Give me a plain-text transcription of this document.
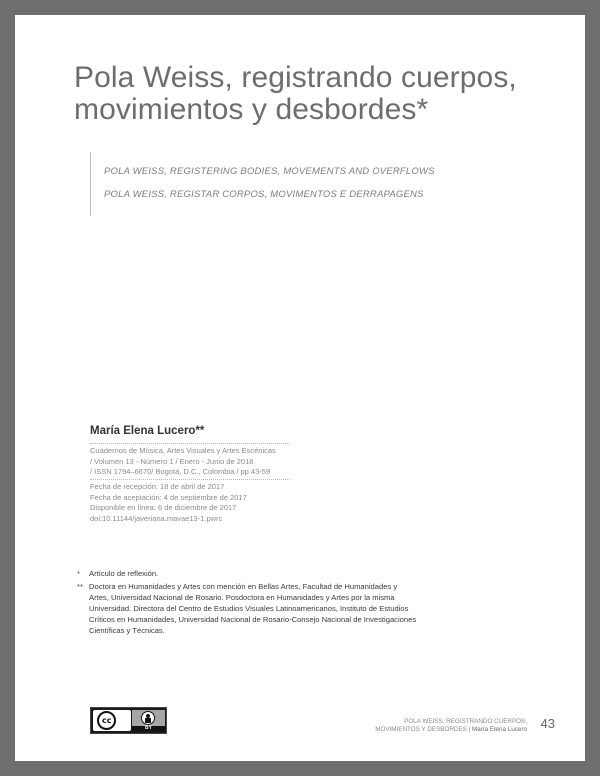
Pola Weiss, registrando cuerpos,
movimientos y desbordes*
POLA WEISS, REGISTERING BODIES, MOVEMENTS AND OVERFLOWS
POLA WEISS, REGISTAR CORPOS, MOVIMENTOS E DERRAPAGENS
María Elena Lucero**
Cuadernos de Música, Artes Visuales y Artes Escénicas
/ Volumen 13 - Número 1 / Enero - Junio de 2018
/ ISSN 1794–6670/ Bogotá, D.C., Colombia / pp.43-59
Fecha de recepción: 18 de abril de 2017
Fecha de aceptación: 4 de septiembre de 2017
Disponible en línea: 6 de diciembre de 2017
doi:10.11144/javeriana.mavae13-1.pwrc
* Artículo de reflexión.
** Doctora en Humanidades y Artes con mención en Bellas Artes, Facultad de Humanidades y Artes, Universidad Nacional de Rosario. Posdoctora en Humanidades y Artes por la misma Universidad. Directora del Centro de Estudios Visuales Latinoamericanos, Instituto de Estudios Críticos en Humanidades, Universidad Nacional de Rosario-Consejo Nacional de Investigaciones Científicas y Técnicas.
cc
BY
POLA WEISS, REGISTRANDO CUERPOS,
MOVIMIENTOS Y DESBORDES | María Elena Lucero 43
